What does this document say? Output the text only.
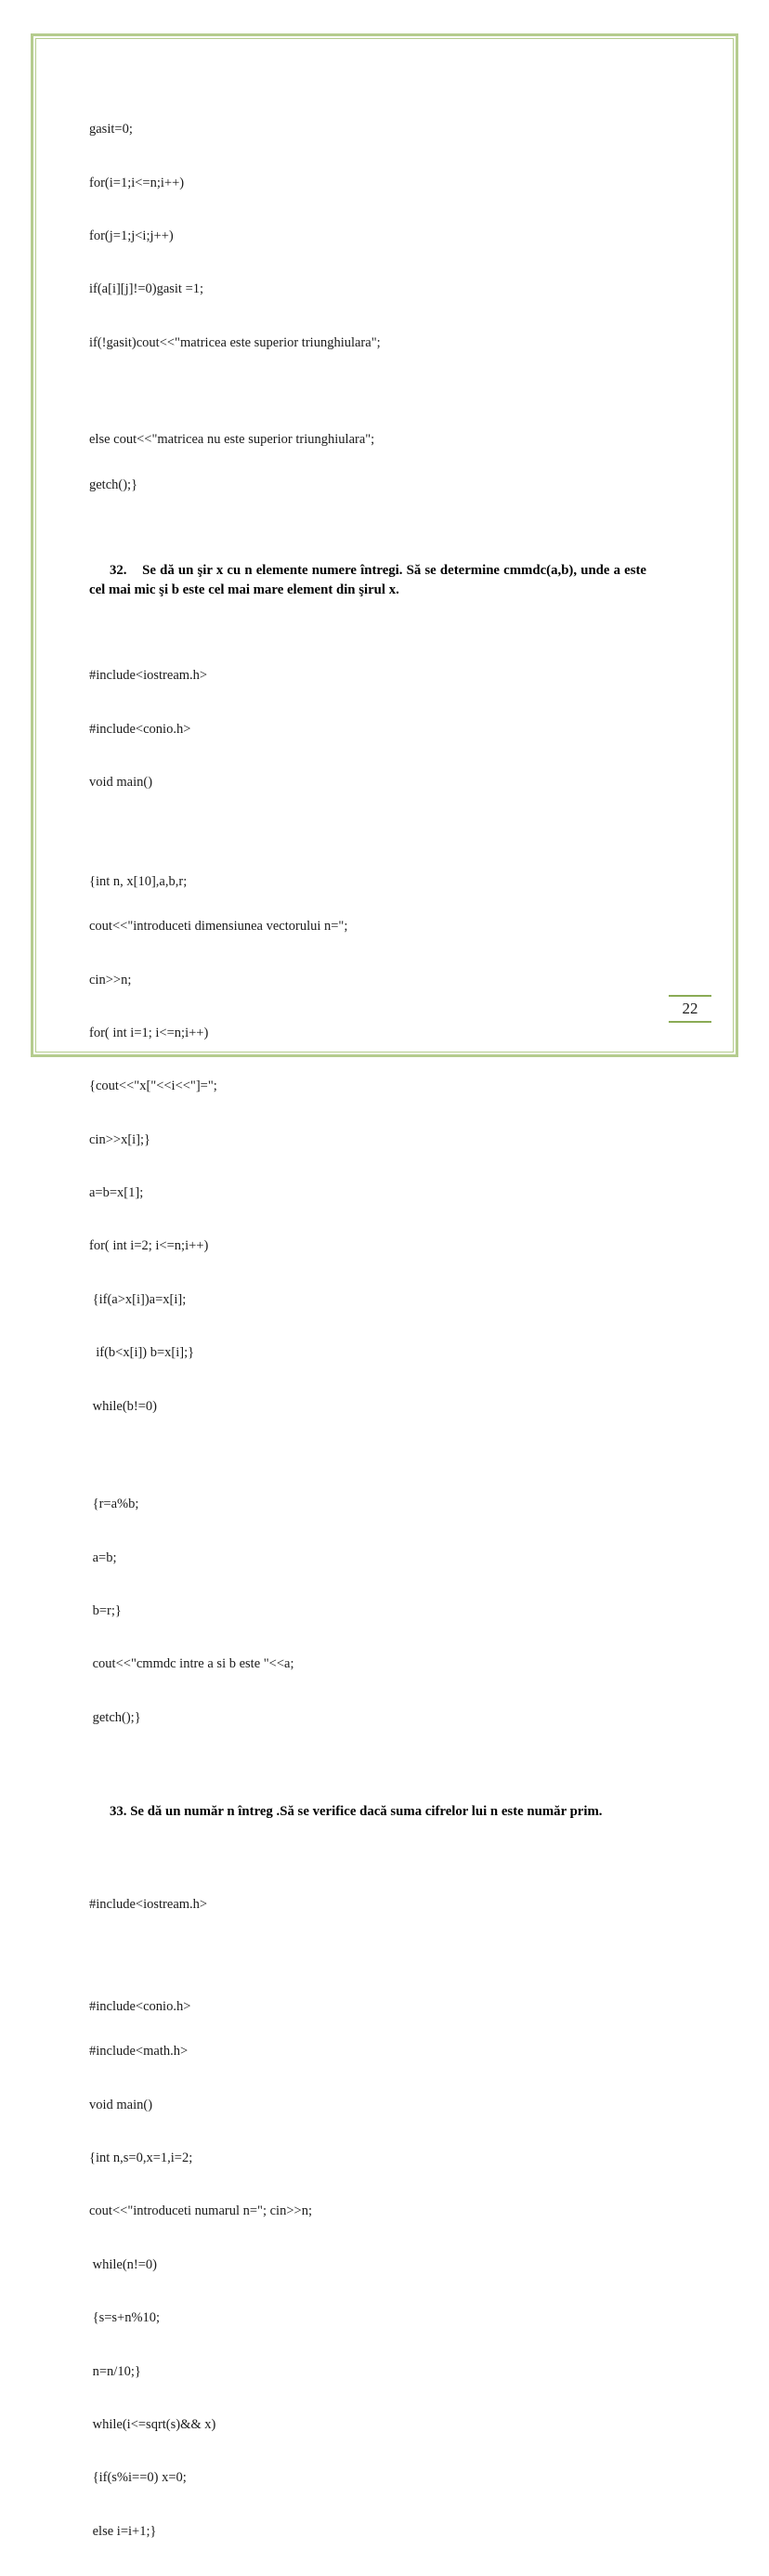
gasit=0;

for(i=1;i<=n;i++)

for(j=1;j<i;j++)

if(a[i][j]!=0)gasit =1;

if(!gasit)cout<<"matricea este superior triunghiulara";

else cout<<"matricea nu este superior triunghiulara";

getch();}

32. Se dă un şir x cu n elemente numere întregi. Să se determine cmmdc(a,b), unde a este cel mai mic şi b este cel mai mare element din şirul x.

#include<iostream.h>

#include<conio.h>

void main()

{int n, x[10],a,b,r;

cout<<"introduceti dimensiunea vectorului n=";

cin>>n;

for( int i=1; i<=n;i++)

{cout<<"x["<<i<<"]=";

cin>>x[i];}

a=b=x[1];

for( int i=2; i<=n;i++)

{if(a>x[i])a=x[i];

if(b<x[i]) b=x[i];}

while(b!=0)

{r=a%b;

a=b;

b=r;}

cout<<"cmmdc intre a si b este "<<a;

getch();}

33. Se dă un număr n întreg .Să se verifice dacă suma cifrelor lui n este număr prim.

#include<iostream.h>

#include<conio.h>

#include<math.h>

void main()

{int n,s=0,x=1,i=2;

cout<<"introduceti numarul n="; cin>>n;

while(n!=0)

{s=s+n%10;

n=n/10;}

while(i<=sqrt(s)&& x)

{if(s%i==0) x=0;

else i=i+1;}

22
